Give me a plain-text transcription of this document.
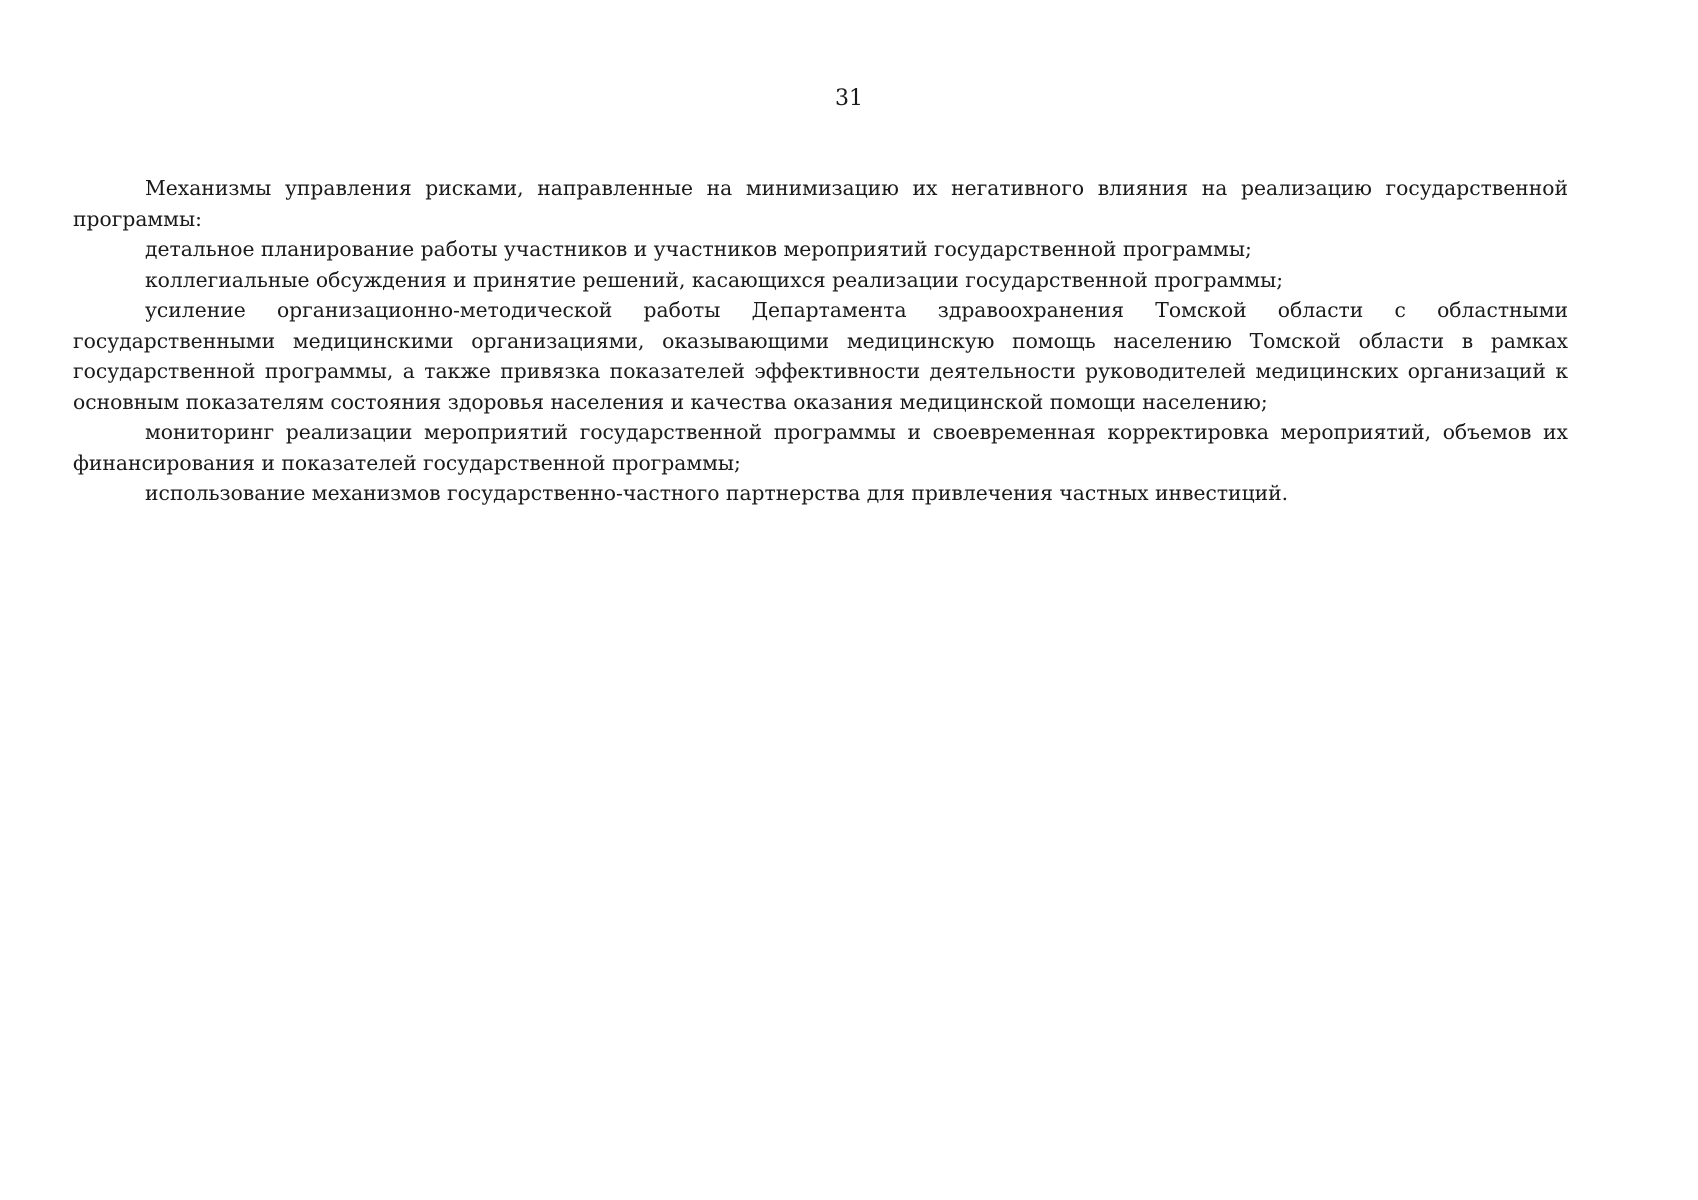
31

Механизмы управления рисками, направленные на минимизацию их негативного влияния на реализацию государственной программы:

детальное планирование работы участников и участников мероприятий государственной программы;

коллегиальные обсуждения и принятие решений, касающихся реализации государственной программы;

усиление организационно-методической работы Департамента здравоохранения Томской области с областными государственными медицинскими организациями, оказывающими медицинскую помощь населению Томской области в рамках государственной программы, а также привязка показателей эффективности деятельности руководителей медицинских организаций к основным показателям состояния здоровья населения и качества оказания медицинской помощи населению;

мониторинг реализации мероприятий государственной программы и своевременная корректировка мероприятий, объемов их финансирования и показателей государственной программы;

использование механизмов государственно-частного партнерства для привлечения частных инвестиций.
